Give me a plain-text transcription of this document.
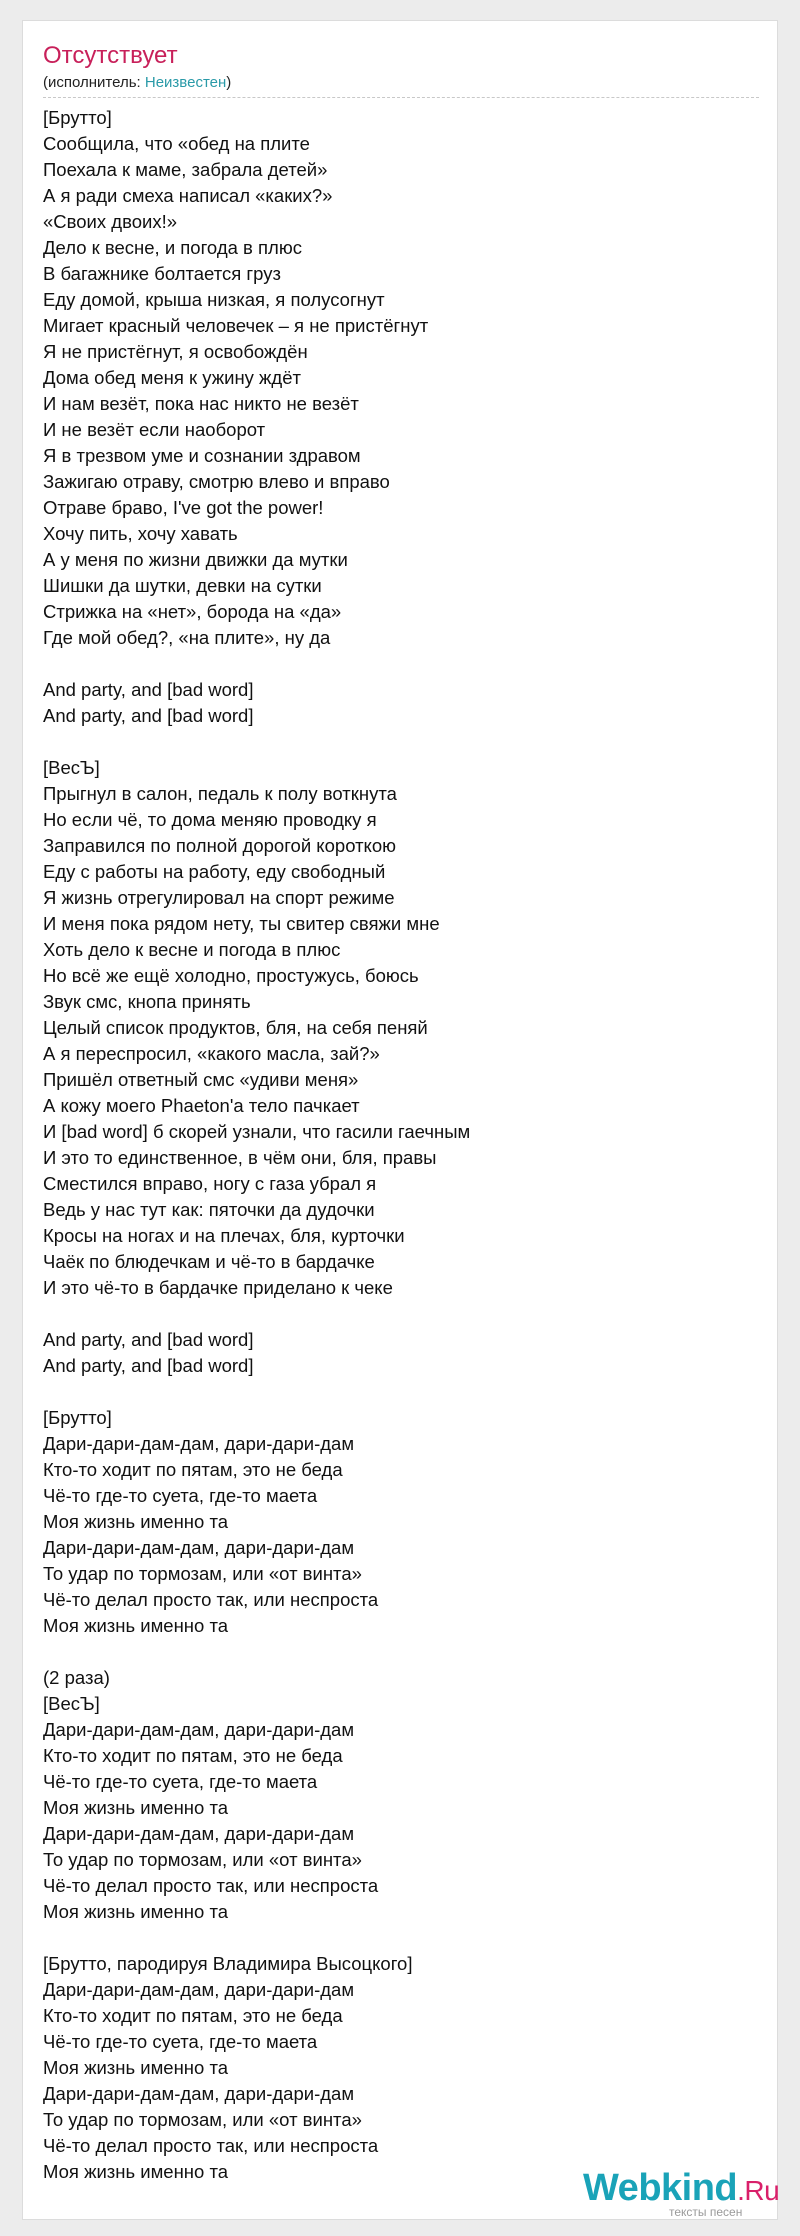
Отсутствует
(исполнитель: Неизвестен)
[Брутто]
Сообщила, что «обед на плите
Поехала к маме, забрала детей»
А я ради смеха написал «каких?»
«Своих двоих!»
Дело к весне, и погода в плюс
В багажнике болтается груз
Еду домой, крыша низкая, я полусогнут
Мигает красный человечек – я не пристёгнут
Я не пристёгнут, я освобождён
Дома обед меня к ужину ждёт
И нам везёт, пока нас никто не везёт
И не везёт если наоборот
Я в трезвом уме и сознании здравом
Зажигаю отраву, смотрю влево и вправо
Отраве браво, I've got the power!
Хочу пить, хочу хавать
А у меня по жизни движки да мутки
Шишки да шутки, девки на сутки
Стрижка на «нет», борода на «да»
Где мой обед?, «на плите», ну да
And party, and [bad word]
And party, and [bad word]
[ВесЪ]
Прыгнул в салон, педаль к полу воткнута
Но если чё, то дома меняю проводку я
Заправился по полной дорогой короткою
Еду с работы на работу, еду свободный
Я жизнь отрегулировал на спорт режиме
И меня пока рядом нету, ты свитер свяжи мне
Хоть дело к весне и погода в плюс
Но всё же ещё холодно, простужусь, боюсь
Звук смс, кнопа принять
Целый список продуктов, бля, на себя пеняй
А я переспросил, «какого масла, зай?»
Пришёл ответный смс «удиви меня»
А кожу моего Phaeton'а тело пачкает
И [bad word] б скорей узнали, что гасили гаечным
И это то единственное, в чём они, бля, правы
Сместился вправо, ногу с газа убрал я
Ведь у нас тут как: пяточки да дудочки
Кросы на ногах и на плечах, бля, курточки
Чаёк по блюдечкам и чё-то в бардачке
И это чё-то в бардачке приделано к чеке
And party, and [bad word]
And party, and [bad word]
[Брутто]
Дари-дари-дам-дам, дари-дари-дам
Кто-то ходит по пятам, это не беда
Чё-то где-то суета, где-то маета
Моя жизнь именно та
Дари-дари-дам-дам, дари-дари-дам
То удар по тормозам, или «от винта»
Чё-то делал просто так, или неспроста
Моя жизнь именно та
(2 раза)
[ВесЪ]
Дари-дари-дам-дам, дари-дари-дам
Кто-то ходит по пятам, это не беда
Чё-то где-то суета, где-то маета
Моя жизнь именно та
Дари-дари-дам-дам, дари-дари-дам
То удар по тормозам, или «от винта»
Чё-то делал просто так, или неспроста
Моя жизнь именно та
[Брутто, пародируя Владимира Высоцкого]
Дари-дари-дам-дам, дари-дари-дам
Кто-то ходит по пятам, это не беда
Чё-то где-то суета, где-то маета
Моя жизнь именно та
Дари-дари-дам-дам, дари-дари-дам
То удар по тормозам, или «от винта»
Чё-то делал просто так, или неспроста
Моя жизнь именно та	Webkind.Ru
тексты песен
